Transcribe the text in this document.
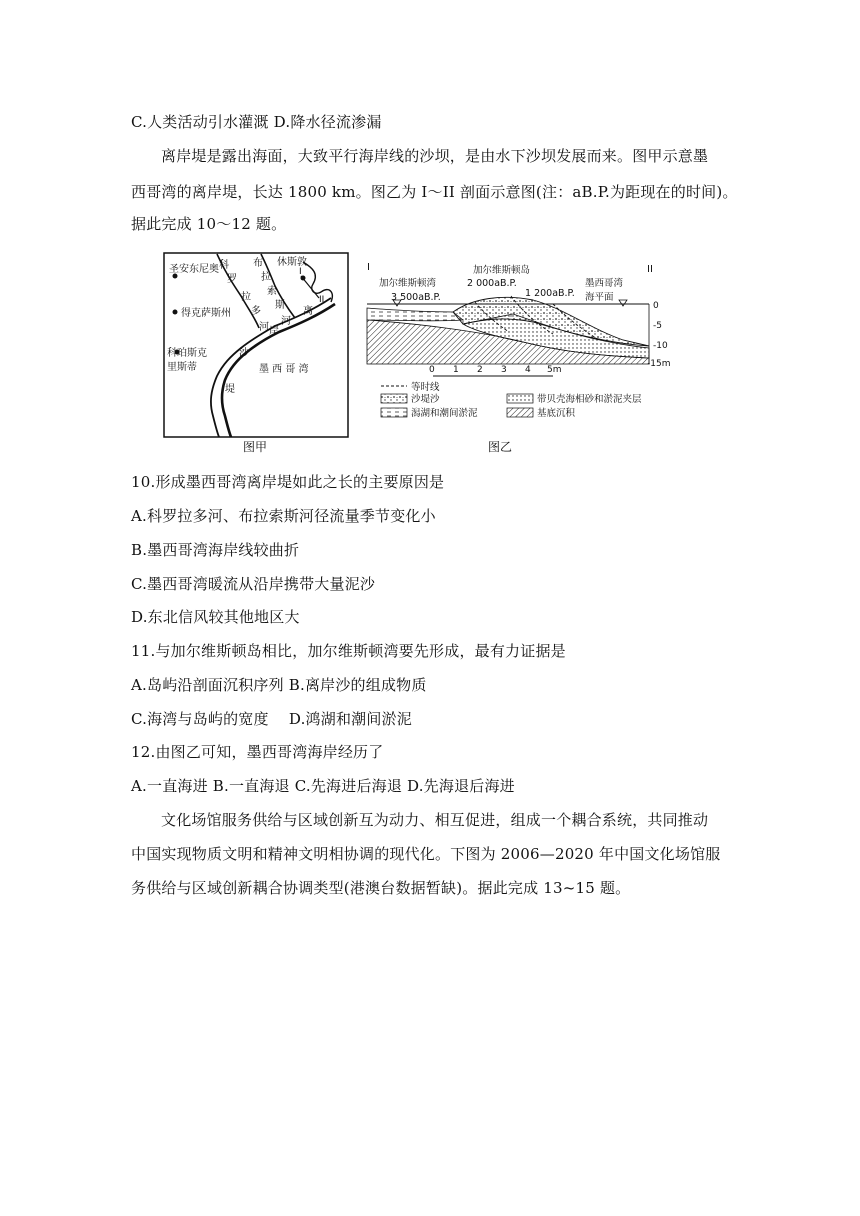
C.人类活动引水灌溉 D.降水径流渗漏
离岸堤是露出海面，大致平行海岸线的沙坝，是由水下沙坝发展而来。图甲示意墨
西哥湾的离岸堤，长达 1800 km。图乙为 I～II 剖面示意图(注：aB.P.为距现在的时间)。
据此完成 10～12 题。
科
罗
拉
多
河
布
拉
索
斯
河
休斯敦
I
II
圣安东尼奥
得克萨斯州
科珀斯克
里斯蒂
离
岸
沙
堤
墨 西 哥 湾
图甲
I	II
加尔维斯顿湾
3 500aB.P.
加尔维斯顿岛
2 000aB.P.
1 200aB.P.
墨西哥湾
海平面
0
-5
-10
-15m
0 1 2 3 4 5m
等时线
沙堤沙
潟湖和潮间淤泥
带贝壳海相砂和淤泥夹层
基底沉积
图乙
10.形成墨西哥湾离岸堤如此之长的主要原因是
A.科罗拉多河、布拉索斯河径流量季节变化小
B.墨西哥湾海岸线较曲折
C.墨西哥湾暖流从沿岸携带大量泥沙
D.东北信风较其他地区大
11.与加尔维斯顿岛相比，加尔维斯顿湾要先形成，最有力证据是
A.岛屿沿剖面沉积序列 B.离岸沙的组成物质
C.海湾与岛屿的宽度　 D.鸿湖和潮间淤泥
12.由图乙可知，墨西哥湾海岸经历了
A.一直海进 B.一直海退 C.先海进后海退 D.先海退后海进
文化场馆服务供给与区域创新互为动力、相互促进，组成一个耦合系统，共同推动
中国实现物质文明和精神文明相协调的现代化。下图为 2006—2020 年中国文化场馆服
务供给与区域创新耦合协调类型(港澳台数据暂缺)。据此完成 13~15 题。
